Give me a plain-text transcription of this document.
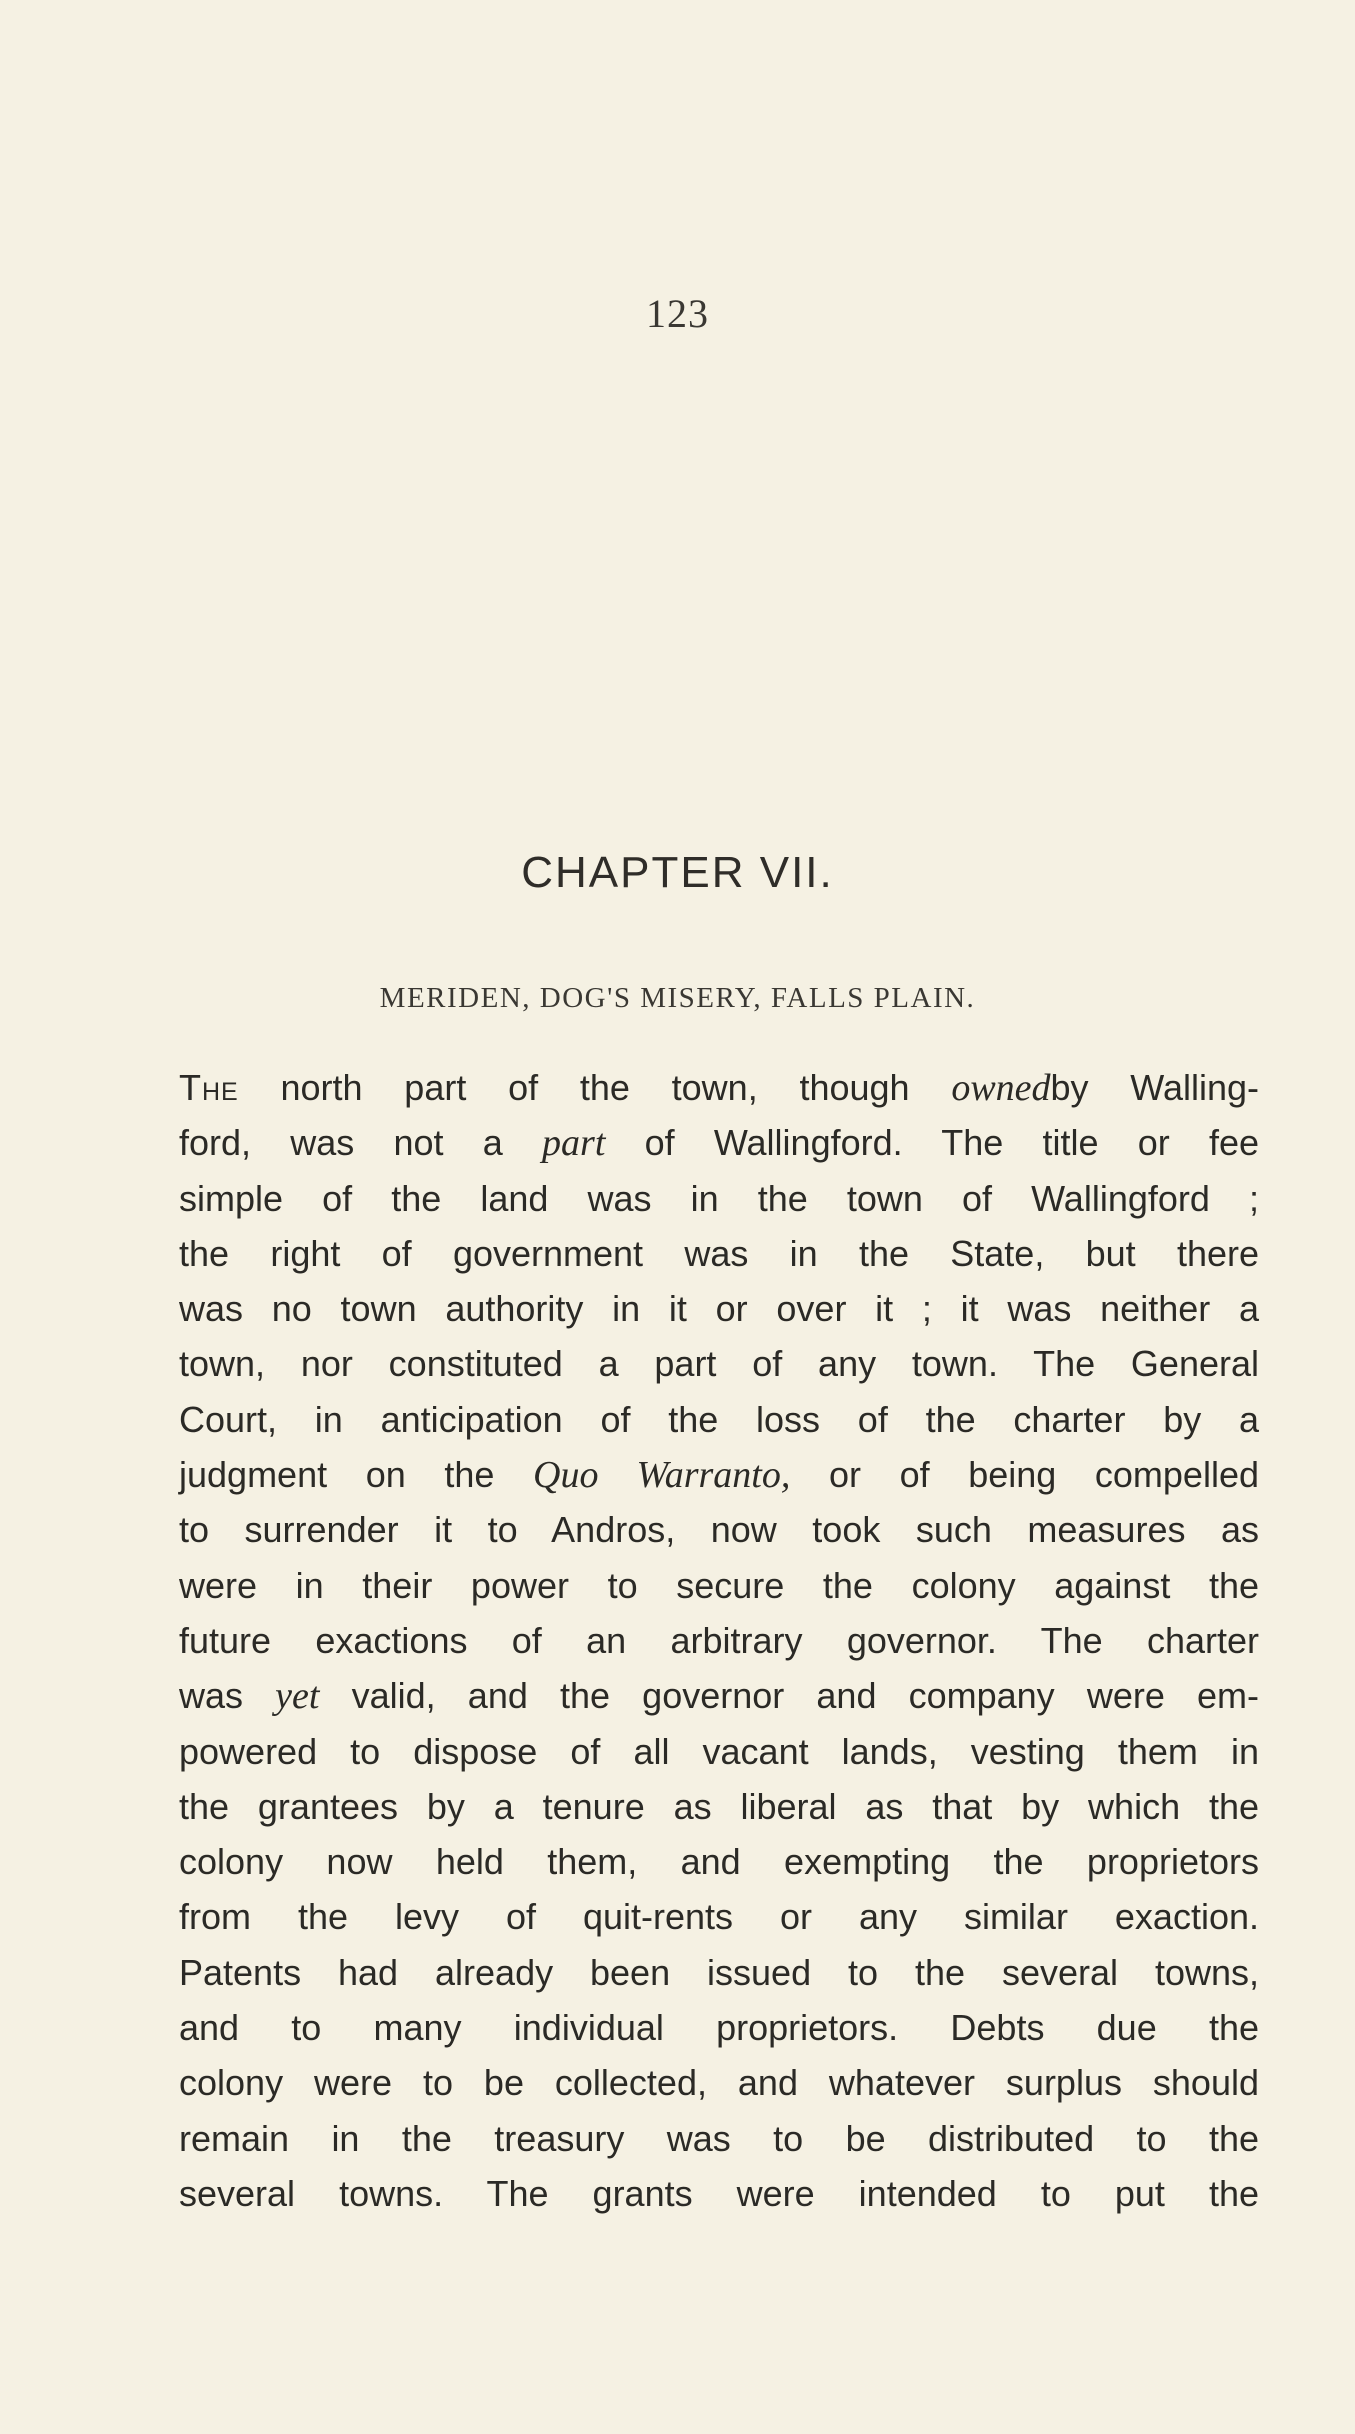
123
CHAPTER VII.
MERIDEN, DOG'S MISERY, FALLS PLAIN.
The north part of the town, though ownedby Walling-
ford, was not a part of Wallingford. The title or fee
simple of the land was in the town of Wallingford ;
the right of government was in the State, but there
was no town authority in it or over it ; it was neither a
town, nor constituted a part of any town. The General
Court, in anticipation of the loss of the charter by a
judgment on the Quo Warranto, or of being compelled
to surrender it to Andros, now took such measures as
were in their power to secure the colony against the
future exactions of an arbitrary governor. The charter
was yet valid, and the governor and company were em-
powered to dispose of all vacant lands, vesting them in
the grantees by a tenure as liberal as that by which the
colony now held them, and exempting the proprietors
from the levy of quit-rents or any similar exaction.
Patents had already been issued to the several towns,
and to many individual proprietors. Debts due the
colony were to be collected, and whatever surplus should
remain in the treasury was to be distributed to the
several towns. The grants were intended to put the
